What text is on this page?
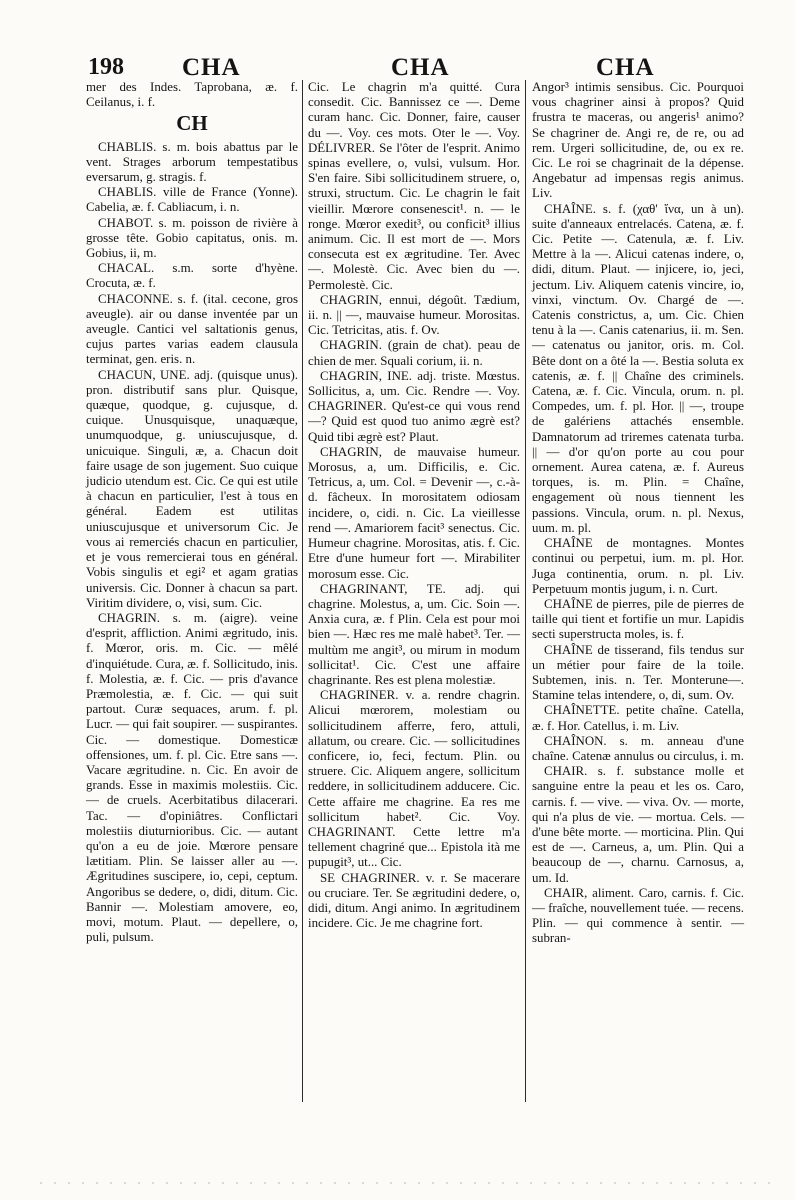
198 CHA	CHA	CHA

mer des Indes. Taprobana, æ. f. Ceilanus, i. f.

CH

CHABLIS. s. m. bois abattus par le vent. Strages arborum tempestatibus eversarum, g. stragis. f.

CHABLIS. ville de France (Yonne). Cabelia, æ. f. Cabliacum, i. n.

CHABOT. s. m. poisson de rivière à grosse tête. Gobio capitatus, onis. m. Gobius, ii, m.

CHACAL. s.m. sorte d'hyène. Crocuta, æ. f.

CHACONNE. s. f. (ital. cecone, gros aveugle). air ou danse inventée par un aveugle. Cantici vel saltationis genus, cujus partes varias eadem clausula terminat, gen. eris. n.

CHACUN, UNE. adj. (quisque unus). pron. distributif sans plur. Quisque, quæque, quodque, g. cujusque, d. cuique. Unusquisque, unaquæque, unumquodque, g. uniuscujusque, d. unicuique. Singuli, æ, a. Chacun doit faire usage de son jugement. Suo cuique judicio utendum est. Cic. Ce qui est utile à chacun en particulier, l'est à tous en général. Eadem est utilitas uniuscujusque et universorum Cic. Je vous ai remerciés chacun en particulier, et je vous remercierai tous en général. Vobis singulis et egi² et agam gratias universis. Cic. Donner à chacun sa part. Viritim dividere, o, visi, sum. Cic.

CHAGRIN. s. m. (aigre). veine d'esprit, affliction. Animi ægritudo, inis. f. Mœror, oris. m. Cic. — mêlé d'inquiétude. Cura, æ. f. Sollicitudo, inis. f. Molestia, æ. f. Cic. — pris d'avance Præmolestia, æ. f. Cic. — qui suit partout. Curæ sequaces, arum. f. pl. Lucr. — qui fait soupirer. — suspirantes. Cic. — domestique. Domesticæ offensiones, um. f. pl. Cic. Etre sans —. Vacare ægritudine. n. Cic. En avoir de grands. Esse in maximis molestiis. Cic. — de cruels. Acerbitatibus dilacerari. Tac. — d'opiniâtres. Conflictari molestiis diuturnioribus. Cic. — autant qu'on a eu de joie. Mœrore pensare lætitiam. Plin. Se laisser aller au —. Ægritudines suscipere, io, cepi, ceptum. Angoribus se dedere, o, didi, ditum. Cic. Bannir —. Molestiam amovere, eo, movi, motum. Plaut. — depellere, o, puli, pulsum.

Cic. Le chagrin m'a quitté. Cura consedit. Cic. Bannissez ce —. Deme curam hanc. Cic. Donner, faire, causer du —. Voy. ces mots. Oter le —. Voy. DÉLIVRER. Se l'ôter de l'esprit. Animo spinas evellere, o, vulsi, vulsum. Hor. S'en faire. Sibi sollicitudinem struere, o, struxi, structum. Cic. Le chagrin le fait vieillir. Mœrore consenescit¹. n. — le ronge. Mœror exedit³, ou conficit³ illius animum. Cic. Il est mort de —. Mors consecuta est ex ægritudine. Ter. Avec —. Molestè. Cic. Avec bien du —. Permolestè. Cic.

CHAGRIN, ennui, dégoût. Tædium, ii. n. || —, mauvaise humeur. Morositas. Cic. Tetricitas, atis. f. Ov.

CHAGRIN. (grain de chat). peau de chien de mer. Squali corium, ii. n.

CHAGRIN, INE. adj. triste. Mœstus. Sollicitus, a, um. Cic. Rendre —. Voy. CHAGRINER. Qu'est-ce qui vous rend —? Quid est quod tuo animo ægrè est? Quid tibi ægrè est? Plaut.

CHAGRIN, de mauvaise humeur. Morosus, a, um. Difficilis, e. Cic. Tetricus, a, um. Col. = Devenir —, c.-à-d. fâcheux. In morositatem odiosam incidere, o, cidi. n. Cic. La vieillesse rend —. Amariorem facit³ senectus. Cic. Humeur chagrine. Morositas, atis. f. Cic. Etre d'une humeur fort —. Mirabiliter morosum esse. Cic.

CHAGRINANT, TE. adj. qui chagrine. Molestus, a, um. Cic. Soin —. Anxia cura, æ. f Plin. Cela est pour moi bien —. Hæc res me malè habet³. Ter. — multùm me angit³, ou mirum in modum sollicitat¹. Cic. C'est une affaire chagrinante. Res est plena molestiæ.

CHAGRINER. v. a. rendre chagrin. Alicui mœrorem, molestiam ou sollicitudinem afferre, fero, attuli, allatum, ou creare. Cic. — sollicitudines conficere, io, feci, fectum. Plin. ou struere. Cic. Aliquem angere, sollicitum reddere, in sollicitudinem adducere. Cic. Cette affaire me chagrine. Ea res me sollicitum habet². Cic. Voy. CHAGRINANT. Cette lettre m'a tellement chagriné que... Epistola ità me pupugit³, ut... Cic.

SE CHAGRINER. v. r. Se macerare ou cruciare. Ter. Se ægritudini dedere, o, didi, ditum. Angi animo. In ægritudinem incidere. Cic. Je me chagrine fort.

Angor³ intimis sensibus. Cic. Pourquoi vous chagriner ainsi à propos? Quid frustra te maceras, ou angeris¹ animo? Se chagriner de. Angi re, de re, ou ad rem. Urgeri sollicitudine, de, ou ex re. Cic. Le roi se chagrinait de la dépense. Angebatur ad impensas regis animus. Liv.

CHAÎNE. s. f. (χαθ' ἵνα, un à un). suite d'anneaux entrelacés. Catena, æ. f. Cic. Petite —. Catenula, æ. f. Liv. Mettre à la —. Alicui catenas indere, o, didi, ditum. Plaut. — injicere, io, jeci, jectum. Liv. Aliquem catenis vincire, io, vinxi, vinctum. Ov. Chargé de —. Catenis constrictus, a, um. Cic. Chien tenu à la —. Canis catenarius, ii. m. Sen. — catenatus ou janitor, oris. m. Col. Bête dont on a ôté la —. Bestia soluta ex catenis, æ. f. || Chaîne des criminels. Catena, æ. f. Cic. Vincula, orum. n. pl. Compedes, um. f. pl. Hor. || —, troupe de galériens attachés ensemble. Damnatorum ad triremes catenata turba. || — d'or qu'on porte au cou pour ornement. Aurea catena, æ. f. Aureus torques, is. m. Plin. = Chaîne, engagement où nous tiennent les passions. Vincula, orum. n. pl. Nexus, uum. m. pl.

CHAÎNE de montagnes. Montes continui ou perpetui, ium. m. pl. Hor. Juga continentia, orum. n. pl. Liv. Perpetuum montis jugum, i. n. Curt.

CHAÎNE de pierres, pile de pierres de taille qui tient et fortifie un mur. Lapidis secti superstructa moles, is. f.

CHAÎNE de tisserand, fils tendus sur un métier pour faire de la toile. Subtemen, inis. n. Ter. Monterune—. Stamine telas intendere, o, di, sum. Ov.

CHAÎNETTE. petite chaîne. Catella, æ. f. Hor. Catellus, i. m. Liv.

CHAÎNON. s. m. anneau d'une chaîne. Catenæ annulus ou circulus, i. m.

CHAIR. s. f. substance molle et sanguine entre la peau et les os. Caro, carnis. f. — vive. — viva. Ov. — morte, qui n'a plus de vie. — mortua. Cels. — d'une bête morte. — morticina. Plin. Qui est de —. Carneus, a, um. Plin. Qui a beaucoup de —, charnu. Carnosus, a, um. Id.

CHAIR, aliment. Caro, carnis. f. Cic. — fraîche, nouvellement tuée. — recens. Plin. — qui commence à sentir. — subran-
